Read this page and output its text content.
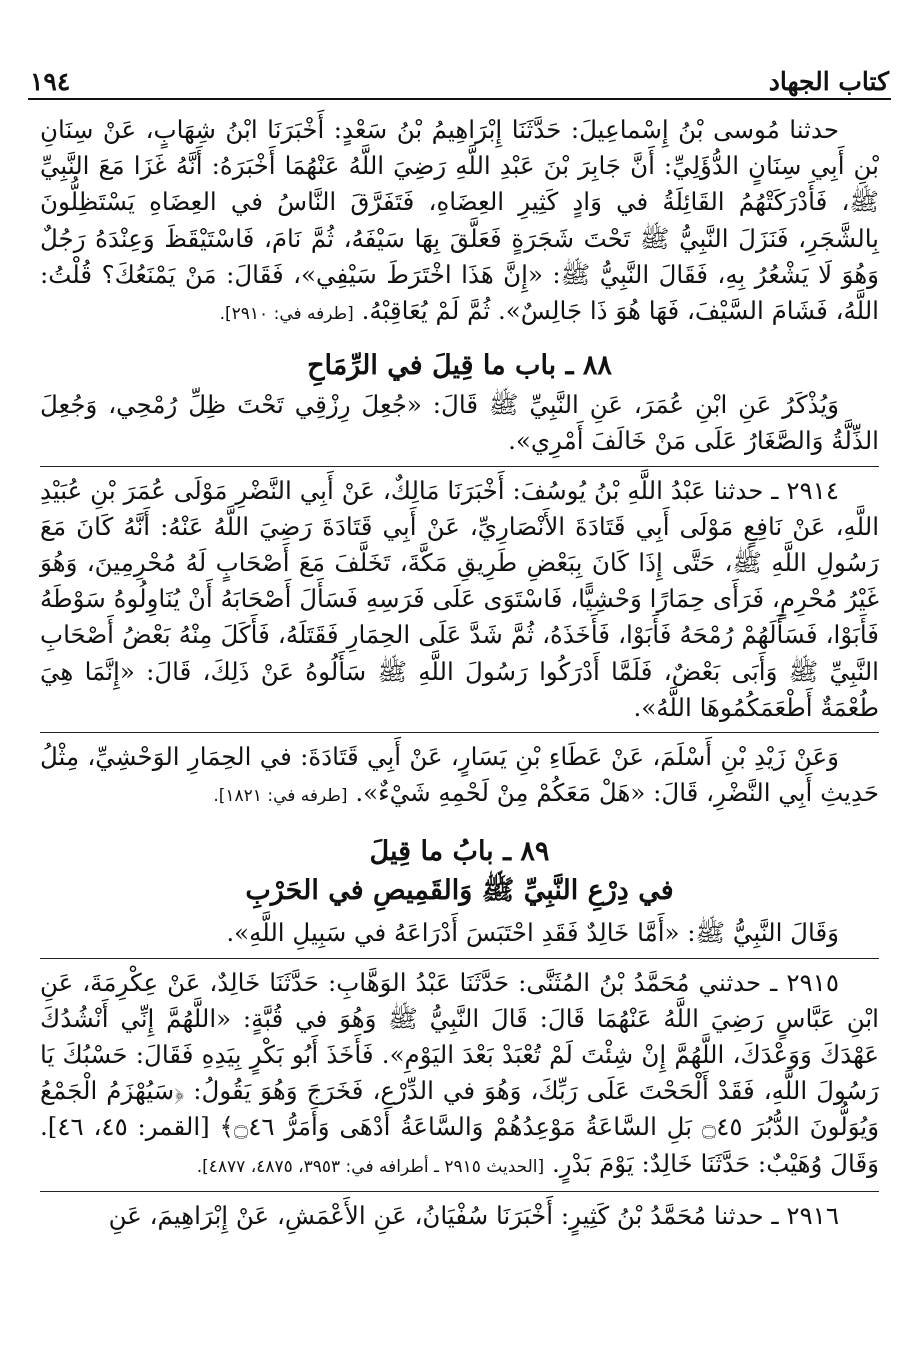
١٩٤	كتاب الجهاد

حدثنا مُوسى بْنُ إِسْماعِيلَ: حَدَّثَنَا إِبْرَاهِيمُ بْنُ سَعْدٍ: أَخْبَرَنَا ابْنُ شِهَابٍ، عَنْ سِنَانِ بْنِ أَبِي سِنَانٍ الدُّؤَلِيِّ: أَنَّ جَابِرَ بْنَ عَبْدِ اللَّهِ رَضِيَ اللَّهُ عَنْهُمَا أَخْبَرَهُ: أَنَّهُ غَزَا مَعَ النَّبِيِّ ﷺ، فَأَدْرَكَتْهُمُ القَائِلَةُ في وَادٍ كَثِيرِ العِضَاهِ، فَتَفَرَّقَ النَّاسُ في العِضَاهِ يَسْتَظِلُّونَ بِالشَّجَرِ، فَنَزَلَ النَّبِيُّ ﷺ تَحْتَ شَجَرَةٍ فَعَلَّقَ بِهَا سَيْفَهُ، ثُمَّ نَامَ، فَاسْتَيْقَظَ وَعِنْدَهُ رَجُلٌ وَهُوَ لَا يَشْعُرُ بِهِ، فَقَالَ النَّبِيُّ ﷺ: «إِنَّ هَذَا اخْتَرَطَ سَيْفِي»، فَقَالَ: مَنْ يَمْنَعُكَ؟ قُلْتُ: اللَّهُ، فَشَامَ السَّيْفَ، فَهَا هُوَ ذَا جَالِسٌ». ثُمَّ لَمْ يُعَاقِبْهُ. [طرفه في: ٢٩١٠].

٨٨ ـ باب ما قِيلَ في الرِّمَاحِ

وَيُذْكَرُ عَنِ ابْنِ عُمَرَ، عَنِ النَّبِيِّ ﷺ قَالَ: «جُعِلَ رِزْقِي تَحْتَ ظِلِّ رُمْحِي، وَجُعِلَ الذِّلَّةُ وَالصَّغَارُ عَلَى مَنْ خَالَفَ أَمْرِي».

٢٩١٤ ـ حدثنا عَبْدُ اللَّهِ بْنُ يُوسُفَ: أَخْبَرَنَا مَالِكٌ، عَنْ أَبِي النَّضْرِ مَوْلَى عُمَرَ بْنِ عُبَيْدِ اللَّهِ، عَنْ نَافِعٍ مَوْلَى أَبِي قَتَادَةَ الأَنْصَارِيِّ، عَنْ أَبِي قَتَادَةَ رَضِيَ اللَّهُ عَنْهُ: أَنَّهُ كَانَ مَعَ رَسُولِ اللَّهِ ﷺ، حَتَّى إِذَا كَانَ بِبَعْضِ طَرِيقِ مَكَّةَ، تَخَلَّفَ مَعَ أَصْحَابٍ لَهُ مُحْرِمِينَ، وَهُوَ غَيْرُ مُحْرِمٍ، فَرَأَى حِمَارًا وَحْشِيًّا، فَاسْتَوَى عَلَى فَرَسِهِ فَسَأَلَ أَصْحَابَهُ أَنْ يُنَاوِلُوهُ سَوْطَهُ فَأَبَوْا، فَسَأَلَهُمْ رُمْحَهُ فَأَبَوْا، فَأَخَذَهُ، ثُمَّ شَدَّ عَلَى الحِمَارِ فَقَتَلَهُ، فَأَكَلَ مِنْهُ بَعْضُ أَصْحَابِ النَّبِيِّ ﷺ وَأَبَى بَعْضٌ، فَلَمَّا أَدْرَكُوا رَسُولَ اللَّهِ ﷺ سَأَلُوهُ عَنْ ذَلِكَ، قَالَ: «إِنَّمَا هِيَ طُعْمَةٌ أَطْعَمَكُمُوهَا اللَّهُ».

وَعَنْ زَيْدِ بْنِ أَسْلَمَ، عَنْ عَطَاءِ بْنِ يَسَارٍ، عَنْ أَبِي قَتَادَةَ: في الحِمَارِ الوَحْشِيِّ، مِثْلُ حَدِيثِ أَبِي النَّضْرِ، قَالَ: «هَلْ مَعَكُمْ مِنْ لَحْمِهِ شَيْءٌ». [طرفه في: ١٨٢١].

٨٩ ـ بابُ ما قِيلَ
في دِرْعِ النَّبِيِّ ﷺ وَالقَمِيصِ في الحَرْبِ

وَقَالَ النَّبِيُّ ﷺ: «أَمَّا خَالِدٌ فَقَدِ احْتَبَسَ أَدْرَاعَهُ في سَبِيلِ اللَّهِ».

٢٩١٥ ـ حدثني مُحَمَّدُ بْنُ المُثَنَّى: حَدَّثَنَا عَبْدُ الوَهَّابِ: حَدَّثَنَا خَالِدٌ، عَنْ عِكْرِمَةَ، عَنِ ابْنِ عَبَّاسٍ رَضِيَ اللَّهُ عَنْهُمَا قَالَ: قَالَ النَّبِيُّ ﷺ وَهُوَ في قُبَّةٍ: «اللَّهُمَّ إِنِّي أَنْشُدُكَ عَهْدَكَ وَوَعْدَكَ، اللَّهُمَّ إِنْ شِئْتَ لَمْ تُعْبَدْ بَعْدَ اليَوْمِ». فَأَخَذَ أَبُو بَكْرٍ بِيَدِهِ فَقَالَ: حَسْبُكَ يَا رَسُولَ اللَّهِ، فَقَدْ أَلْحَحْتَ عَلَى رَبِّكَ، وَهُوَ في الدِّرْعِ، فَخَرَجَ وَهُوَ يَقُولُ: ﴿سَيُهْزَمُ الْجَمْعُ وَيُوَلُّونَ الدُّبُرَ ۝٤٥ بَلِ السَّاعَةُ مَوْعِدُهُمْ وَالسَّاعَةُ أَدْهَى وَأَمَرُّ ۝٤٦﴾ [القمر: ٤٥، ٤٦]. وَقَالَ وُهَيْبٌ: حَدَّثَنَا خَالِدٌ: يَوْمَ بَدْرٍ. [الحديث ٢٩١٥ ـ أطرافه في: ٣٩٥٣، ٤٨٧٥، ٤٨٧٧].

٢٩١٦ ـ حدثنا مُحَمَّدُ بْنُ كَثِيرٍ: أَخْبَرَنَا سُفْيَانُ، عَنِ الأَعْمَشِ، عَنْ إِبْرَاهِيمَ، عَنِ
